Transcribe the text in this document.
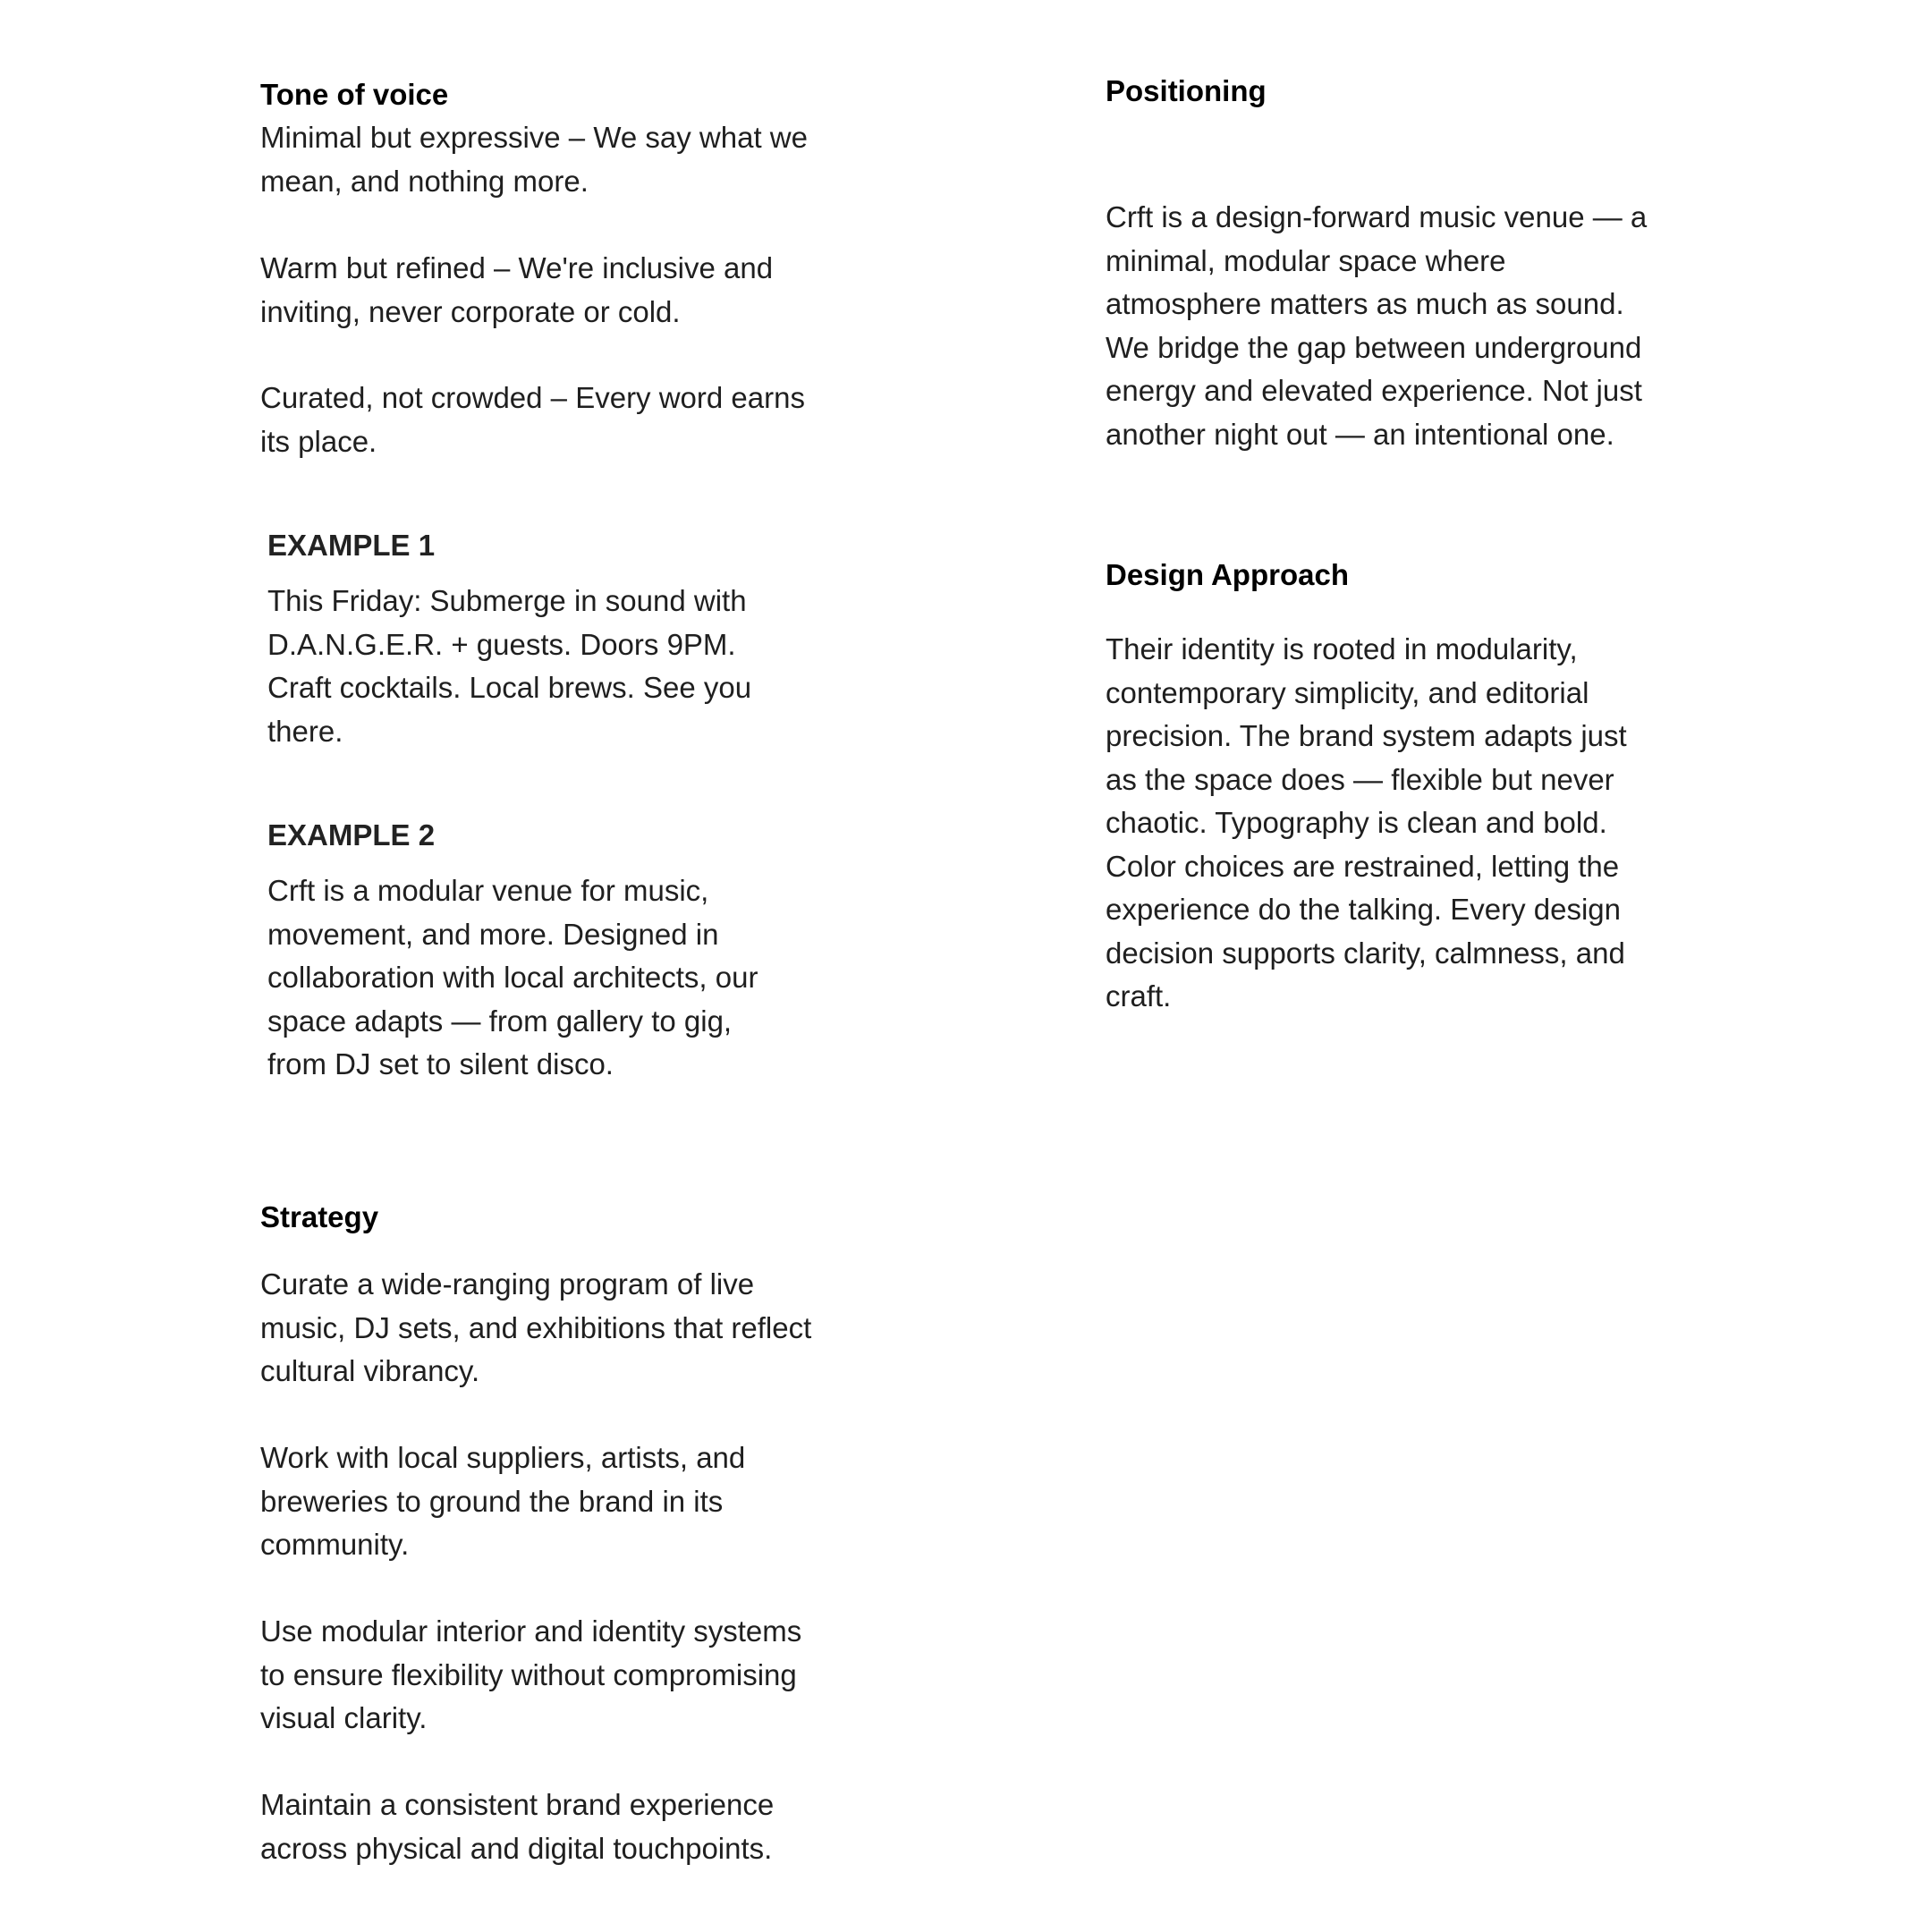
Tone of voice

Minimal but expressive – We say what we
mean, and nothing more.

Warm but refined – We're inclusive and
inviting, never corporate or cold.

Curated, not crowded – Every word earns
its place.

EXAMPLE 1

This Friday: Submerge in sound with
D.A.N.G.E.R. + guests. Doors 9PM.
Craft cocktails. Local brews. See you
there.

EXAMPLE 2

Crft is a modular venue for music,
movement, and more. Designed in
collaboration with local architects, our
space adapts — from gallery to gig,
from DJ set to silent disco.

Strategy

Curate a wide-ranging program of live
music, DJ sets, and exhibitions that reflect
cultural vibrancy.

Work with local suppliers, artists, and
breweries to ground the brand in its
community.

Use modular interior and identity systems
to ensure flexibility without compromising
visual clarity.

Maintain a consistent brand experience
across physical and digital touchpoints.

Positioning

Crft is a design-forward music venue — a
minimal, modular space where
atmosphere matters as much as sound.
We bridge the gap between underground
energy and elevated experience. Not just
another night out — an intentional one.

Design Approach

Their identity is rooted in modularity,
contemporary simplicity, and editorial
precision. The brand system adapts just
as the space does — flexible but never
chaotic. Typography is clean and bold.
Color choices are restrained, letting the
experience do the talking. Every design
decision supports clarity, calmness, and
craft.
